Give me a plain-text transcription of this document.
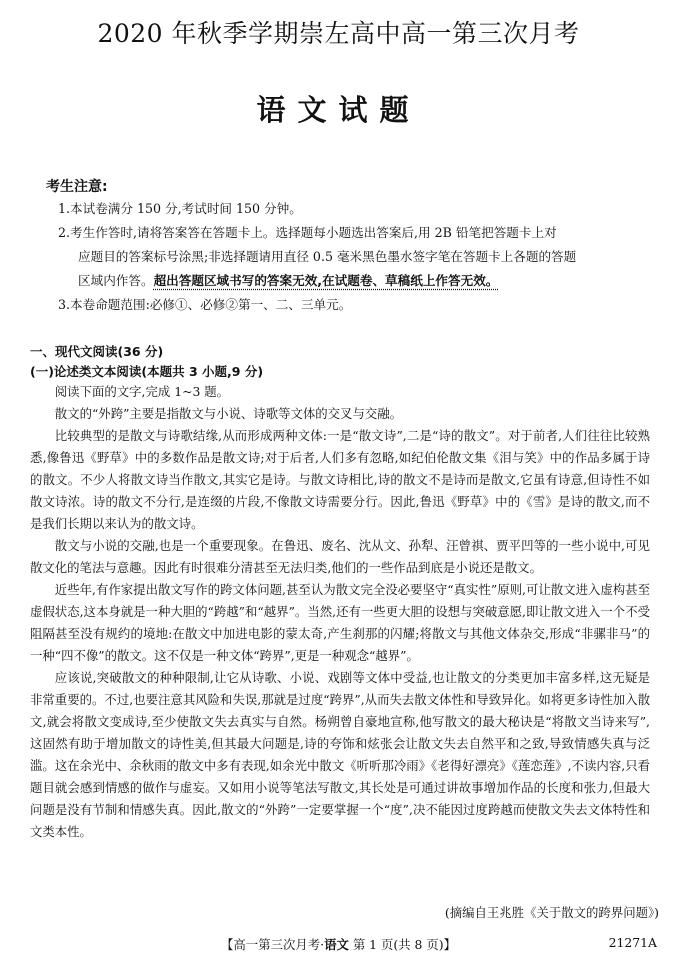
2020 年秋季学期崇左高中高一第三次月考
语文试题
考生注意:
1.本试卷满分 150 分,考试时间 150 分钟。
2.考生作答时,请将答案答在答题卡上。选择题每小题选出答案后,用 2B 铅笔把答题卡上对
应题目的答案标号涂黑;非选择题请用直径 0.5 毫米黑色墨水签字笔在答题卡上各题的答题
区域内作答。超出答题区域书写的答案无效,在试题卷、草稿纸上作答无效。
3.本卷命题范围:必修①、必修②第一、二、三单元。
一、现代文阅读(36 分)
(一)论述类文本阅读(本题共 3 小题,9 分)

阅读下面的文字,完成 1~3 题。

散文的“外跨”主要是指散文与小说、诗歌等文体的交叉与交融。

比较典型的是散文与诗歌结缘,从而形成两种文体:一是“散文诗”,二是“诗的散文”。对于前者,人们往往比较熟悉,像鲁迅《野草》中的多数作品是散文诗;对于后者,人们多有忽略,如纪伯伦散文集《泪与笑》中的作品多属于诗的散文。不少人将散文诗当作散文,其实它是诗。与散文诗相比,诗的散文不是诗而是散文,它虽有诗意,但诗性不如散文诗浓。诗的散文不分行,是连缀的片段,不像散文诗需要分行。因此,鲁迅《野草》中的《雪》是诗的散文,而不是我们长期以来认为的散文诗。

散文与小说的交融,也是一个重要现象。在鲁迅、废名、沈从文、孙犁、汪曾祺、贾平凹等的一些小说中,可见散文化的笔法与意趣。因此有时很难分清甚至无法归类,他们的一些作品到底是小说还是散文。

近些年,有作家提出散文写作的跨文体问题,甚至认为散文完全没必要坚守“真实性”原则,可让散文进入虚构甚至虚假状态,这本身就是一种大胆的“跨越”和“越界”。当然,还有一些更大胆的设想与突破意愿,即让散文进入一个不受阻隔甚至没有规约的境地:在散文中加进电影的蒙太奇,产生刹那的闪耀;将散文与其他文体杂交,形成“非骡非马”的一种“四不像”的散文。这不仅是一种文体“跨界”,更是一种观念“越界”。

应该说,突破散文的种种限制,让它从诗歌、小说、戏剧等文体中受益,也让散文的分类更加丰富多样,这无疑是非常重要的。不过,也要注意其风险和失误,那就是过度“跨界”,从而失去散文体性和导致异化。如将更多诗性加入散文,就会将散文变成诗,至少使散文失去真实与自然。杨朔曾自豪地宣称,他写散文的最大秘诀是“将散文当诗来写”,这固然有助于增加散文的诗性美,但其最大问题是,诗的夸饰和炫张会让散文失去自然平和之致,导致情感失真与泛滥。这在余光中、余秋雨的散文中多有表现,如余光中散文《听听那冷雨》《老得好漂亮》《莲恋莲》,不读内容,只看题目就会感到情感的做作与虚妄。又如用小说等笔法写散文,其长处是可通过讲故事增加作品的长度和张力,但最大问题是没有节制和情感失真。因此,散文的“外跨”一定要掌握一个“度”,决不能因过度跨越而使散文失去文体特性和文类本性。

(摘编自王兆胜《关于散文的跨界问题》)
【高一第三次月考·语文 第 1 页(共 8 页)】	21271A
